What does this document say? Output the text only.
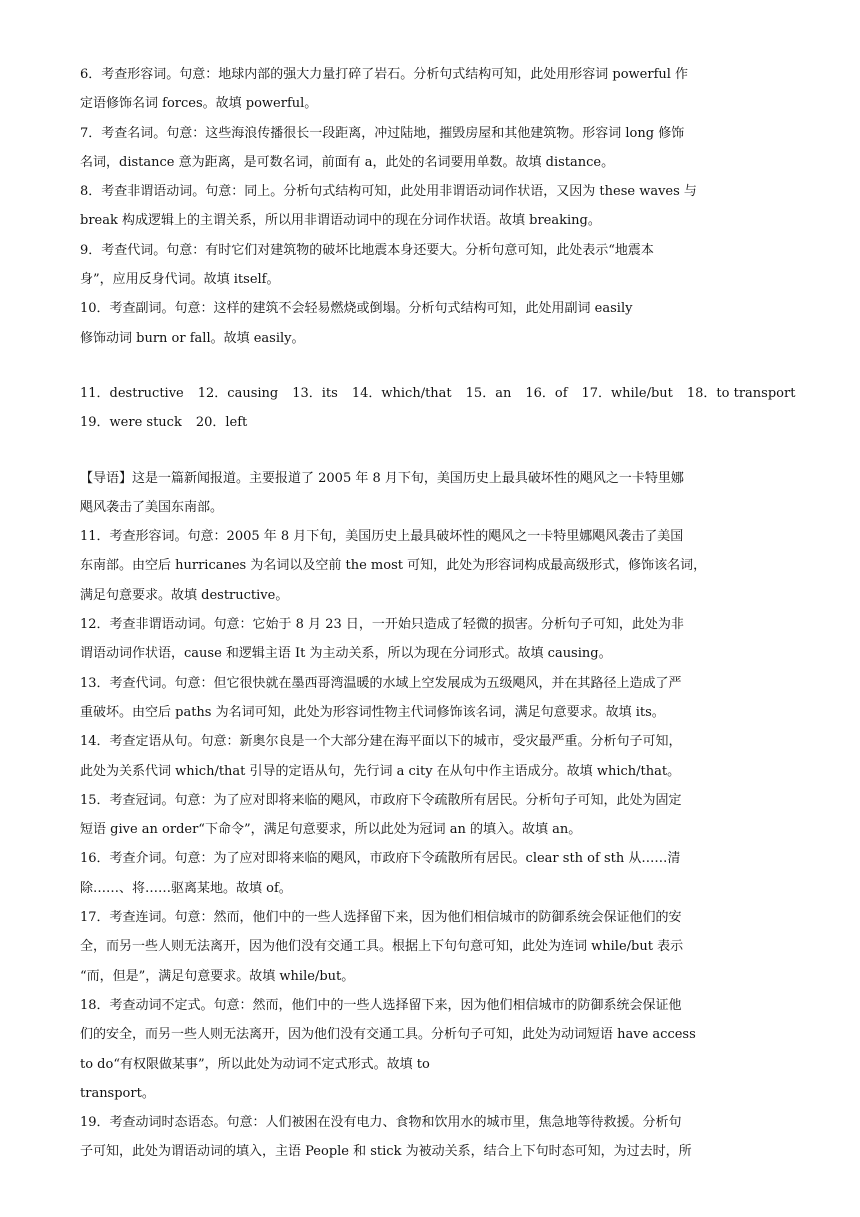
6．考查形容词。句意：地球内部的强大力量打碎了岩石。分析句式结构可知，此处用形容词 powerful 作
定语修饰名词 forces。故填 powerful。
7．考查名词。句意：这些海浪传播很长一段距离，冲过陆地，摧毁房屋和其他建筑物。形容词 long 修饰
名词，distance 意为距离，是可数名词，前面有 a，此处的名词要用单数。故填 distance。
8．考查非谓语动词。句意：同上。分析句式结构可知，此处用非谓语动词作状语，又因为 these waves 与
break 构成逻辑上的主谓关系，所以用非谓语动词中的现在分词作状语。故填 breaking。
9．考查代词。句意：有时它们对建筑物的破坏比地震本身还要大。分析句意可知，此处表示“地震本
身”，应用反身代词。故填 itself。
10．考查副词。句意：这样的建筑不会轻易燃烧或倒塌。分析句式结构可知，此处用副词 easily
修饰动词 burn or fall。故填 easily。
11．destructive 12．causing 13．its 14．which/that 15．an 16．of 17．while/but 18．to transport
19．were stuck 20．left
【导语】这是一篇新闻报道。主要报道了 2005 年 8 月下旬，美国历史上最具破坏性的飓风之一卡特里娜
飓风袭击了美国东南部。
11．考查形容词。句意：2005 年 8 月下旬，美国历史上最具破坏性的飓风之一卡特里娜飓风袭击了美国
东南部。由空后 hurricanes 为名词以及空前 the most 可知，此处为形容词构成最高级形式，修饰该名词，
满足句意要求。故填 destructive。
12．考查非谓语动词。句意：它始于 8 月 23 日，一开始只造成了轻微的损害。分析句子可知，此处为非
谓语动词作状语，cause 和逻辑主语 It 为主动关系，所以为现在分词形式。故填 causing。
13．考查代词。句意：但它很快就在墨西哥湾温暖的水域上空发展成为五级飓风，并在其路径上造成了严
重破坏。由空后 paths 为名词可知，此处为形容词性物主代词修饰该名词，满足句意要求。故填 its。
14．考查定语从句。句意：新奥尔良是一个大部分建在海平面以下的城市，受灾最严重。分析句子可知，
此处为关系代词 which/that 引导的定语从句，先行词 a city 在从句中作主语成分。故填 which/that。
15．考查冠词。句意：为了应对即将来临的飓风，市政府下令疏散所有居民。分析句子可知，此处为固定
短语 give an order“下命令”，满足句意要求，所以此处为冠词 an 的填入。故填 an。
16．考查介词。句意：为了应对即将来临的飓风，市政府下令疏散所有居民。clear sth of sth 从……清
除……、将……驱离某地。故填 of。
17．考查连词。句意：然而，他们中的一些人选择留下来，因为他们相信城市的防御系统会保证他们的安
全，而另一些人则无法离开，因为他们没有交通工具。根据上下句句意可知，此处为连词 while/but 表示
“而，但是”，满足句意要求。故填 while/but。
18．考查动词不定式。句意：然而，他们中的一些人选择留下来，因为他们相信城市的防御系统会保证他
们的安全，而另一些人则无法离开，因为他们没有交通工具。分析句子可知，此处为动词短语 have access
to do“有权限做某事”，所以此处为动词不定式形式。故填 to
transport。
19．考查动词时态语态。句意：人们被困在没有电力、食物和饮用水的城市里，焦急地等待救援。分析句
子可知，此处为谓语动词的填入，主语 People 和 stick 为被动关系，结合上下句时态可知，为过去时，所
